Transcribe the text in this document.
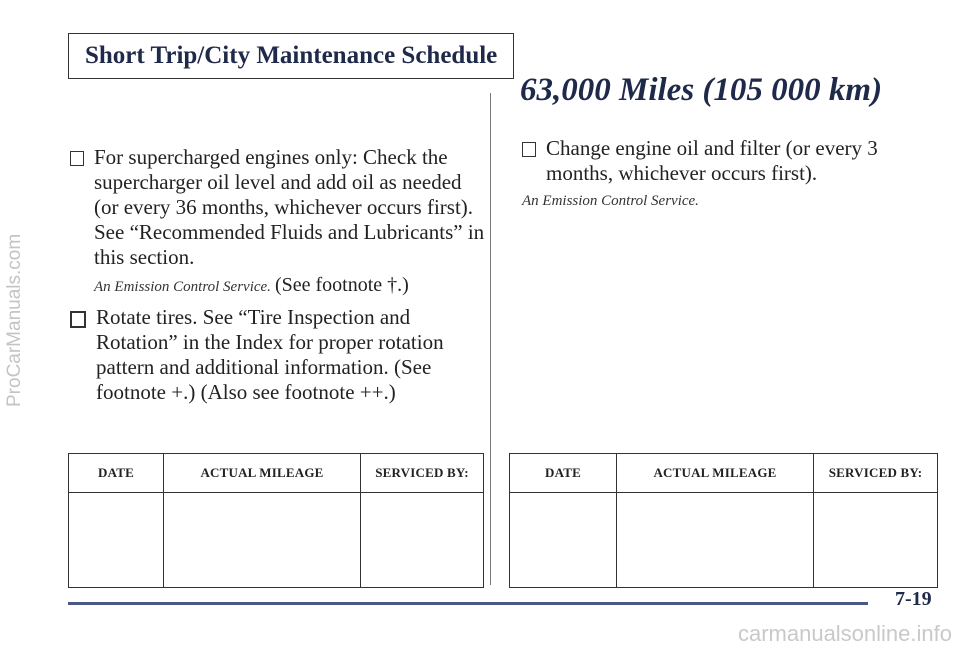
ProCarManuals.com
carmanualsonline.info
Short Trip/City Maintenance Schedule
63,000 Miles (105 000 km)
For supercharged engines only: Check the supercharger oil level and add oil as needed (or every 36 months, whichever occurs first). See “Recommended Fluids and Lubricants” in this section.
An Emission Control Service. (See footnote †.)
Rotate tires. See “Tire Inspection and Rotation” in the Index for proper rotation pattern and additional information. (See footnote +.) (Also see footnote ++.)
Change engine oil and filter (or every 3 months, whichever occurs first).
An Emission Control Service.
DATE	ACTUAL MILEAGE	SERVICED BY:
			DATE	ACTUAL MILEAGE	SERVICED BY:

7-19
